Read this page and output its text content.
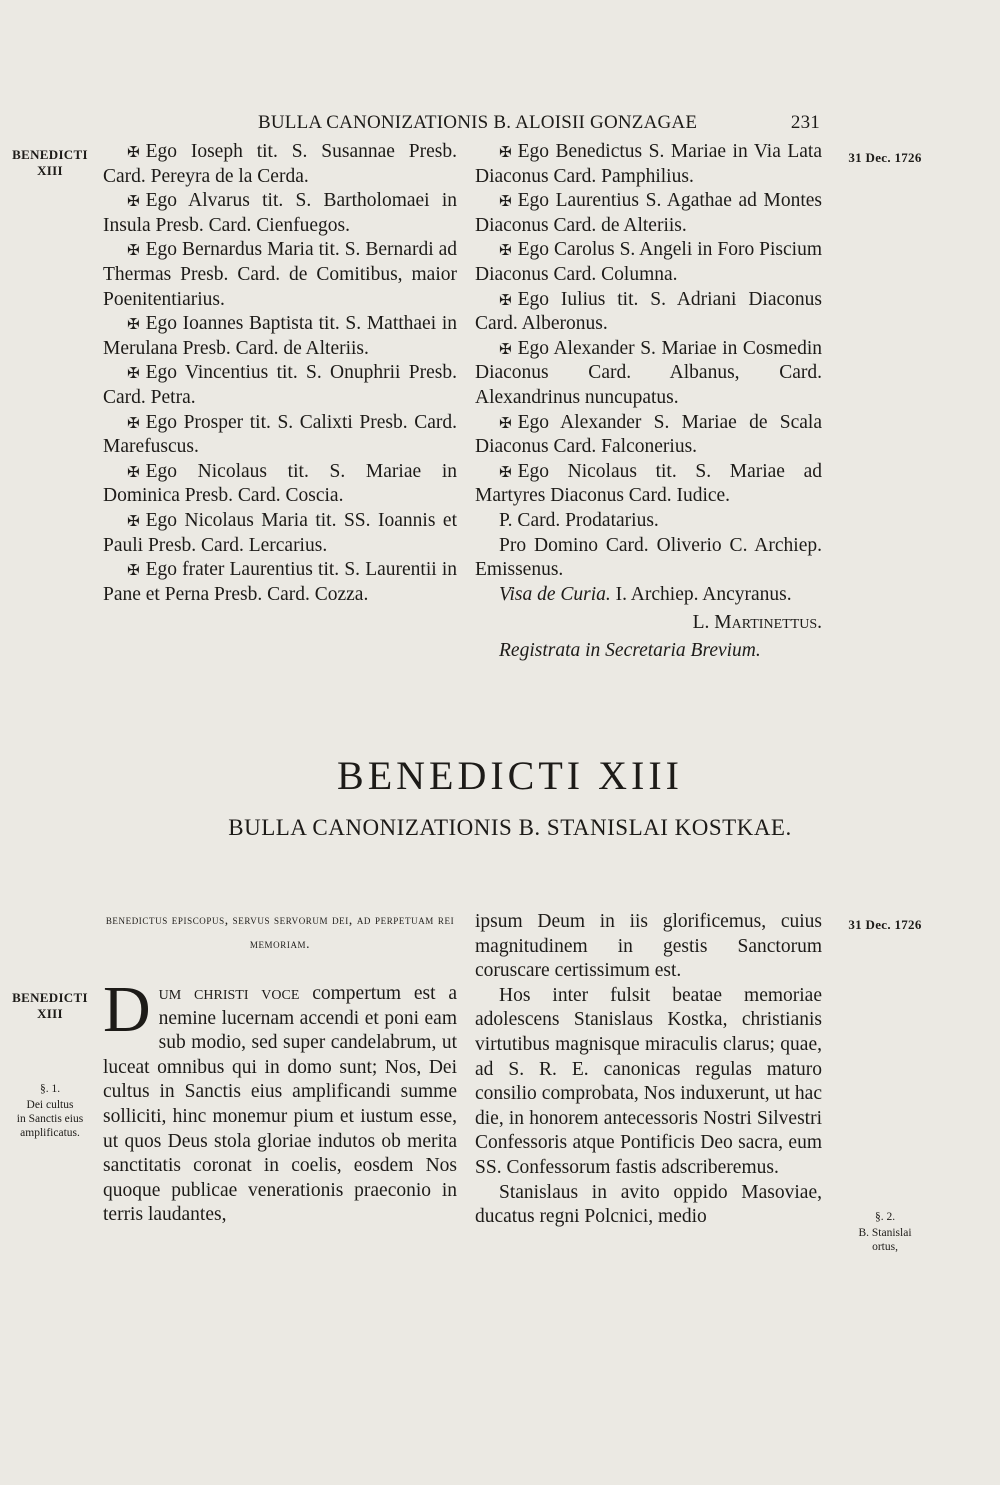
BULLA CANONIZATIONIS B. ALOISII GONZAGAE	231
BENEDICTI
XIII
31 Dec. 1726
31 Dec. 1726
BENEDICTI
XIII
§. 1.
Dei cultus
in Sanctis eius
amplificatus.
§. 2.
B. Stanislai
ortus,

✠ Ego Ioseph tit. S. Susannae Presb. Card. Pereyra de la Cerda.

✠ Ego Alvarus tit. S. Bartholomaei in Insula Presb. Card. Cienfuegos.

✠ Ego Bernardus Maria tit. S. Bernardi ad Thermas Presb. Card. de Comitibus, maior Poenitentiarius.

✠ Ego Ioannes Baptista tit. S. Matthaei in Merulana Presb. Card. de Alteriis.

✠ Ego Vincentius tit. S. Onuphrii Presb. Card. Petra.

✠ Ego Prosper tit. S. Calixti Presb. Card. Marefuscus.

✠ Ego Nicolaus tit. S. Mariae in Dominica Presb. Card. Coscia.

✠ Ego Nicolaus Maria tit. SS. Ioannis et Pauli Presb. Card. Lercarius.

✠ Ego frater Laurentius tit. S. Laurentii in Pane et Perna Presb. Card. Cozza.

✠ Ego Benedictus S. Mariae in Via Lata Diaconus Card. Pamphilius.

✠ Ego Laurentius S. Agathae ad Montes Diaconus Card. de Alteriis.

✠ Ego Carolus S. Angeli in Foro Piscium Diaconus Card. Columna.

✠ Ego Iulius tit. S. Adriani Diaconus Card. Alberonus.

✠ Ego Alexander S. Mariae in Cosmedin Diaconus Card. Albanus, Card. Alexandrinus nuncupatus.

✠ Ego Alexander S. Mariae de Scala Diaconus Card. Falconerius.

✠ Ego Nicolaus tit. S. Mariae ad Martyres Diaconus Card. Iudice.

P. Card. Prodatarius.

Pro Domino Card. Oliverio C. Archiep. Emissenus.

Visa de Curia. I. Archiep. Ancyranus.

L. Martinettus.

Registrata in Secretaria Brevium.

BENEDICTI XIII
BULLA CANONIZATIONIS B. STANISLAI KOSTKAE.
benedictus episcopus, servus servorum dei, ad perpetuam rei memoriam.

Dum christi voce compertum est a nemine lucernam accendi et poni eam sub modio, sed super candelabrum, ut luceat omnibus qui in domo sunt; Nos, Dei cultus in Sanctis eius amplificandi summe solliciti, hinc monemur pium et iustum esse, ut quos Deus stola gloriae indutos ob merita sanctitatis coronat in coelis, eosdem Nos quoque publicae venerationis praeconio in terris laudantes,

ipsum Deum in iis glorificemus, cuius magnitudinem in gestis Sanctorum coruscare certissimum est.

Hos inter fulsit beatae memoriae adolescens Stanislaus Kostka, christianis virtutibus magnisque miraculis clarus; quae, ad S. R. E. canonicas regulas maturo consilio comprobata, Nos induxerunt, ut hac die, in honorem antecessoris Nostri Silvestri Confessoris atque Pontificis Deo sacra, eum SS. Confessorum fastis adscriberemus.

Stanislaus in avito oppido Masoviae, ducatus regni Polcnici, medio
